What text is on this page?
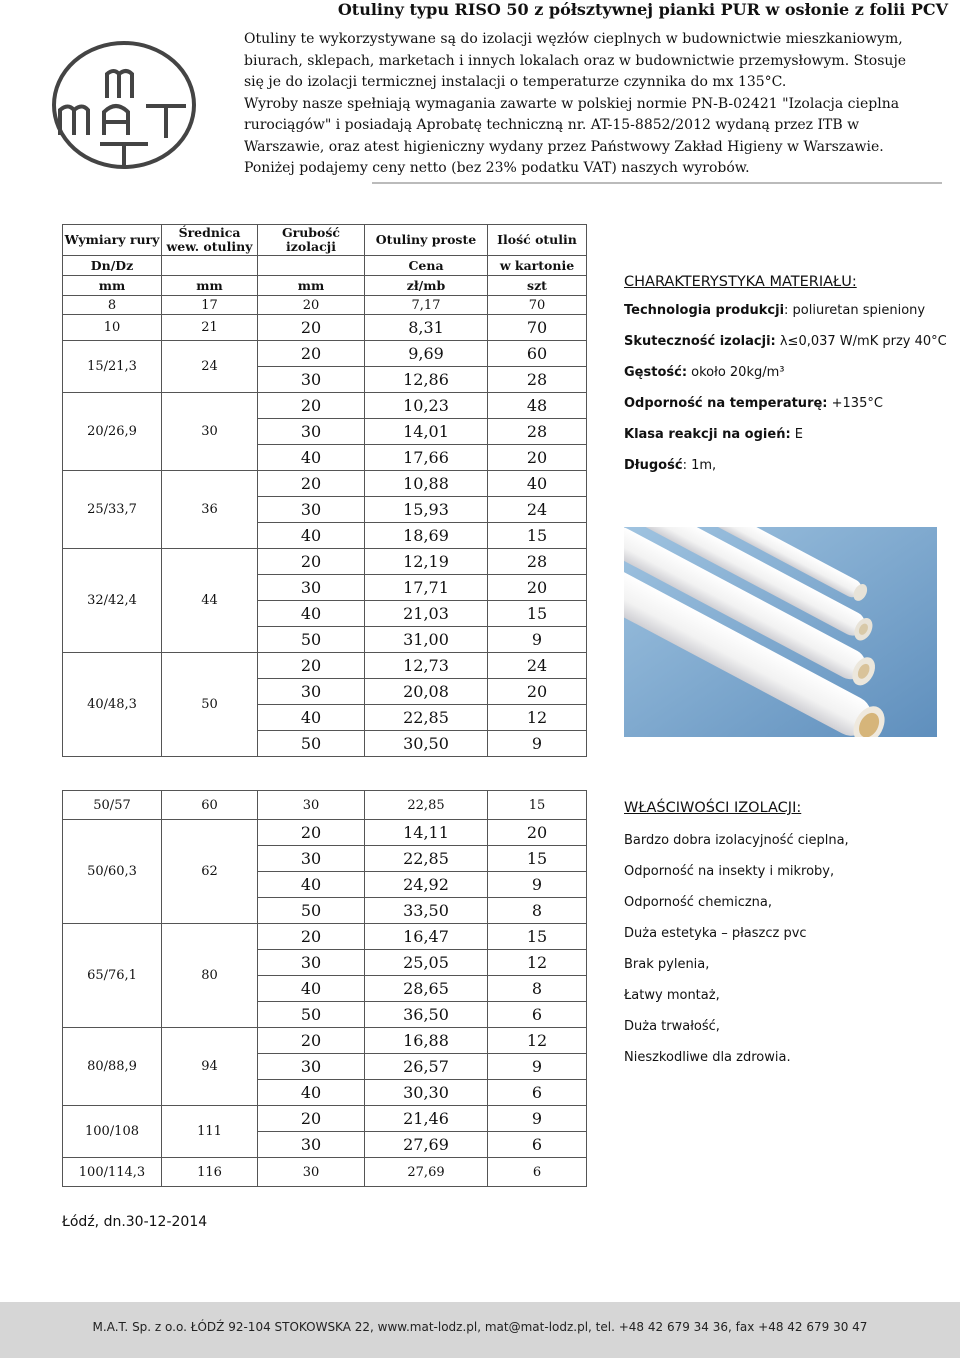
Otuliny typu RISO 50 z półsztywnej pianki PUR w osłonie z folii PCV

Otuliny te wykorzystywane są do izolacji węzłów cieplnych w budownictwie mieszkaniowym,

biurach, sklepach, marketach i innych lokalach oraz w budownictwie przemysłowym. Stosuje

się je do izolacji termicznej instalacji o temperaturze czynnika do mx 135°C.

Wyroby nasze spełniają wymagania zawarte w polskiej normie PN-B-02421 "Izolacja cieplna

rurociągów" i posiadają Aprobatę techniczną nr. AT-15-8852/2012 wydaną przez ITB w

Warszawie, oraz atest higieniczny wydany przez Państwowy Zakład Higieny w Warszawie.

Poniżej podajemy ceny netto (bez 23% podatku VAT) naszych wyrobów.

Wymiary rury	Średnica wew. otuliny	Grubość izolacji	Otuliny proste	Ilość otulin
Dn/Dz			Cena	w kartonie
mm	mm	mm	zł/mb	szt
8	17	20	7,17	70
10	21	20	8,31	70
15/21,3	24	20	9,69	60
		30	12,86	28
20/26,9	30	20	10,23	48
		30	14,01	28
		40	17,66	20
25/33,7	36	20	10,88	40
		30	15,93	24
		40	18,69	15
32/42,4	44	20	12,19	28
		30	17,71	20
		40	21,03	15
		50	31,00	9
40/48,3	50	20	12,73	24
		30	20,08	20
		40	22,85	12
		50	30,50	9

50/57	60	30	22,85	15
50/60,3	62	20	14,11	20
		30	22,85	15
		40	24,92	9
		50	33,50	8
65/76,1	80	20	16,47	15
		30	25,05	12
		40	28,65	8
		50	36,50	6
80/88,9	94	20	16,88	12
		30	26,57	9
		40	30,30	6
100/108	111	20	21,46	9
		30	27,69	6
100/114,3	116	30	27,69	6
CHARAKTERYSTYKA MATERIAŁU:
Technologia produkcji: poliuretan spieniony
Skuteczność izolacji: λ≤0,037 W/mK przy 40°C
Gęstość: około 20kg/m³
Odporność na temperaturę: +135°C
Klasa reakcji na ogień: E
Długość: 1m,
WŁAŚCIWOŚCI IZOLACJI:
Bardzo dobra izolacyjność cieplna,
Odporność na insekty i mikroby,
Odporność chemiczna,
Duża estetyka – płaszcz pvc
Brak pylenia,
Łatwy montaż,
Duża trwałość,
Nieszkodliwe dla zdrowia.
Łódź, dn.30-12-2014
M.A.T. Sp. z o.o. ŁÓDŹ 92-104 STOKOWSKA 22, www.mat-lodz.pl, mat@mat-lodz.pl, tel. +48 42 679 34 36, fax +48 42 679 30 47
